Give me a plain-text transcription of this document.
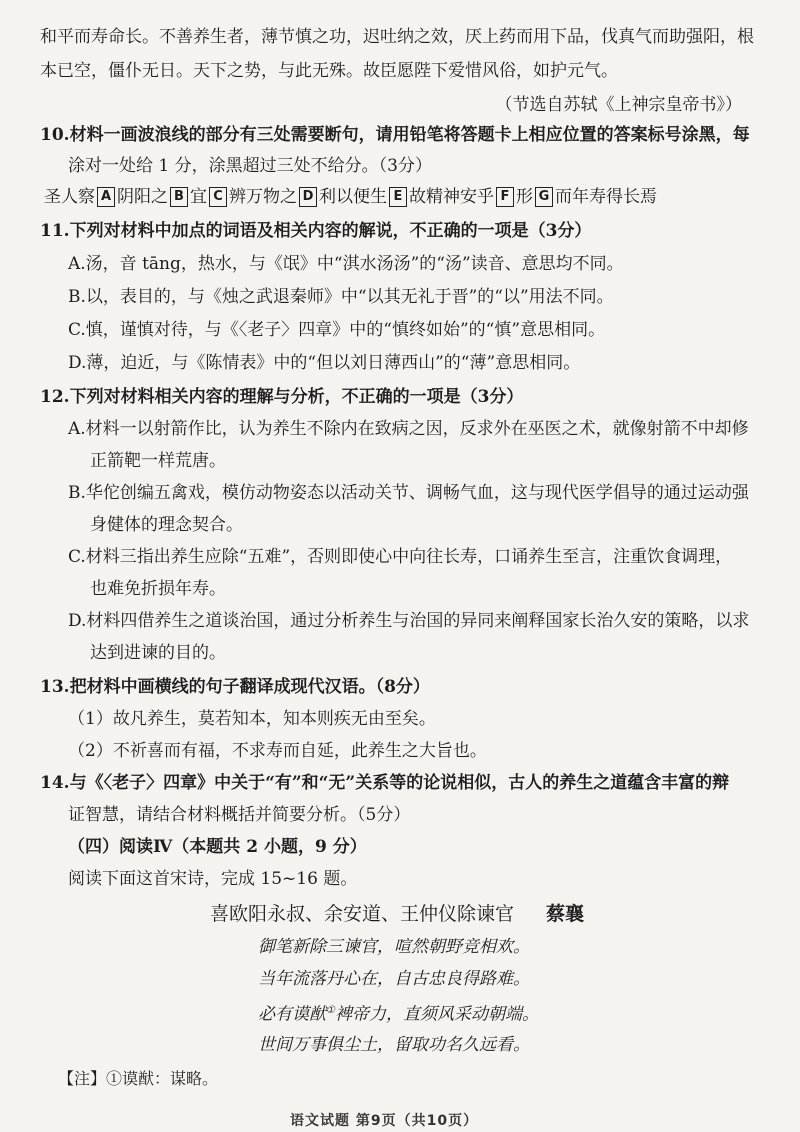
和平而寿命长。不善养生者，薄节慎之功，迟吐纳之效，厌上药而用下品，伐真气而助强阳，根
本已空，僵仆无日。天下之势，与此无殊。故臣愿陛下爱惜风俗，如护元气。
（节选自苏轼《上神宗皇帝书》）
10.材料一画波浪线的部分有三处需要断句，请用铅笔将答题卡上相应位置的答案标号涂黑，每
涂对一处给 1 分，涂黑超过三处不给分。（3分）
圣人察 A 阴阳之 B 宜 C 辨万物之 D 利以便生 E 故精神安乎 F 形 G 而年寿得长焉
11.下列对材料中加点的词语及相关内容的解说，不正确的一项是（3分）
A.汤，音 tāng，热水，与《氓》中“淇水汤汤”的“汤”读音、意思均不同。
B.以，表目的，与《烛之武退秦师》中“以其无礼于晋”的“以”用法不同。
C.慎，谨慎对待，与《〈老子〉四章》中的“慎终如始”的“慎”意思相同。
D.薄，迫近，与《陈情表》中的“但以刘日薄西山”的“薄”意思相同。
12.下列对材料相关内容的理解与分析，不正确的一项是（3分）
A.材料一以射箭作比，认为养生不除内在致病之因，反求外在巫医之术，就像射箭不中却修
正箭靶一样荒唐。
B.华佗创编五禽戏，模仿动物姿态以活动关节、调畅气血，这与现代医学倡导的通过运动强
身健体的理念契合。
C.材料三指出养生应除“五难”，否则即使心中向往长寿，口诵养生至言，注重饮食调理，
也难免折损年寿。
D.材料四借养生之道谈治国，通过分析养生与治国的异同来阐释国家长治久安的策略，以求
达到进谏的目的。
13.把材料中画横线的句子翻译成现代汉语。（8分）
（1）故凡养生，莫若知本，知本则疾无由至矣。
（2）不祈喜而有福，不求寿而自延，此养生之大旨也。
14.与《〈老子〉四章》中关于“有”和“无”关系等的论说相似，古人的养生之道蕴含丰富的辩
证智慧，请结合材料概括并简要分析。（5分）
（四）阅读Ⅳ（本题共 2 小题，9 分）
阅读下面这首宋诗，完成 15~16 题。
喜欧阳永叔、余安道、王仲仪除谏官 蔡襄
御笔新除三谏官，喧然朝野竞相欢。
当年流落丹心在，自古忠良得路难。
必有谟猷①裨帝力，直须风采动朝端。
世间万事俱尘土，留取功名久远看。
【注】①谟猷：谋略。
语文试题 第9页（共10页）
